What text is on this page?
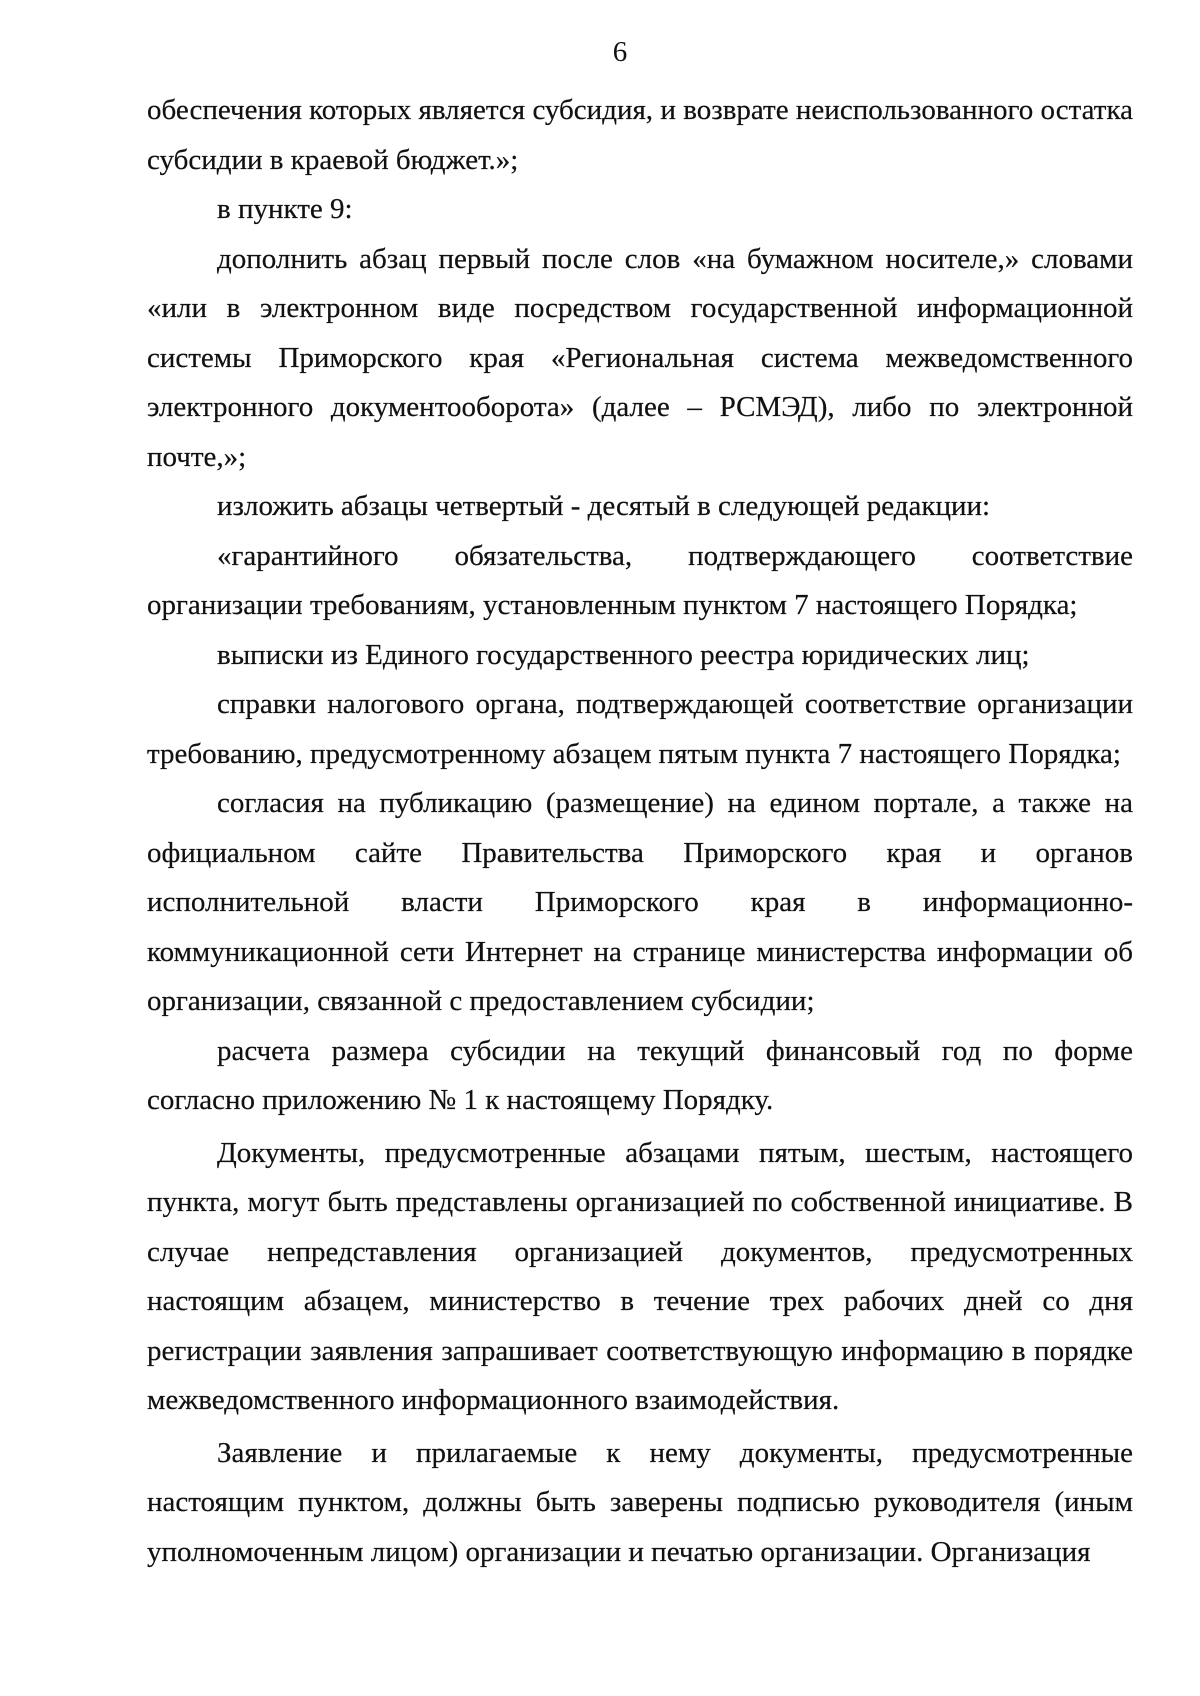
6

обеспечения которых является субсидия, и возврате неиспользованного остатка субсидии в краевой бюджет.»;

в пункте 9:

дополнить абзац первый после слов «на бумажном носителе,» словами «или в электронном виде посредством государственной информационной системы Приморского края «Региональная система межведомственного электронного документооборота» (далее – РСМЭД), либо по электронной почте,»;

изложить абзацы четвертый - десятый в следующей редакции:

«гарантийного обязательства, подтверждающего соответствие организации требованиям, установленным пунктом 7 настоящего Порядка;

выписки из Единого государственного реестра юридических лиц;

справки налогового органа, подтверждающей соответствие организации требованию, предусмотренному абзацем пятым пункта 7 настоящего Порядка;

согласия на публикацию (размещение) на едином портале, а также на официальном сайте Правительства Приморского края и органов исполнительной власти Приморского края в информационно-коммуникационной сети Интернет на странице министерства информации об организации, связанной с предоставлением субсидии;

расчета размера субсидии на текущий финансовый год по форме согласно приложению № 1 к настоящему Порядку.

Документы, предусмотренные абзацами пятым, шестым, настоящего пункта, могут быть представлены организацией по собственной инициативе. В случае непредставления организацией документов, предусмотренных настоящим абзацем, министерство в течение трех рабочих дней со дня регистрации заявления запрашивает соответствующую информацию в порядке межведомственного информационного взаимодействия.

Заявление и прилагаемые к нему документы, предусмотренные настоящим пунктом, должны быть заверены подписью руководителя (иным уполномоченным лицом) организации и печатью организации. Организация
